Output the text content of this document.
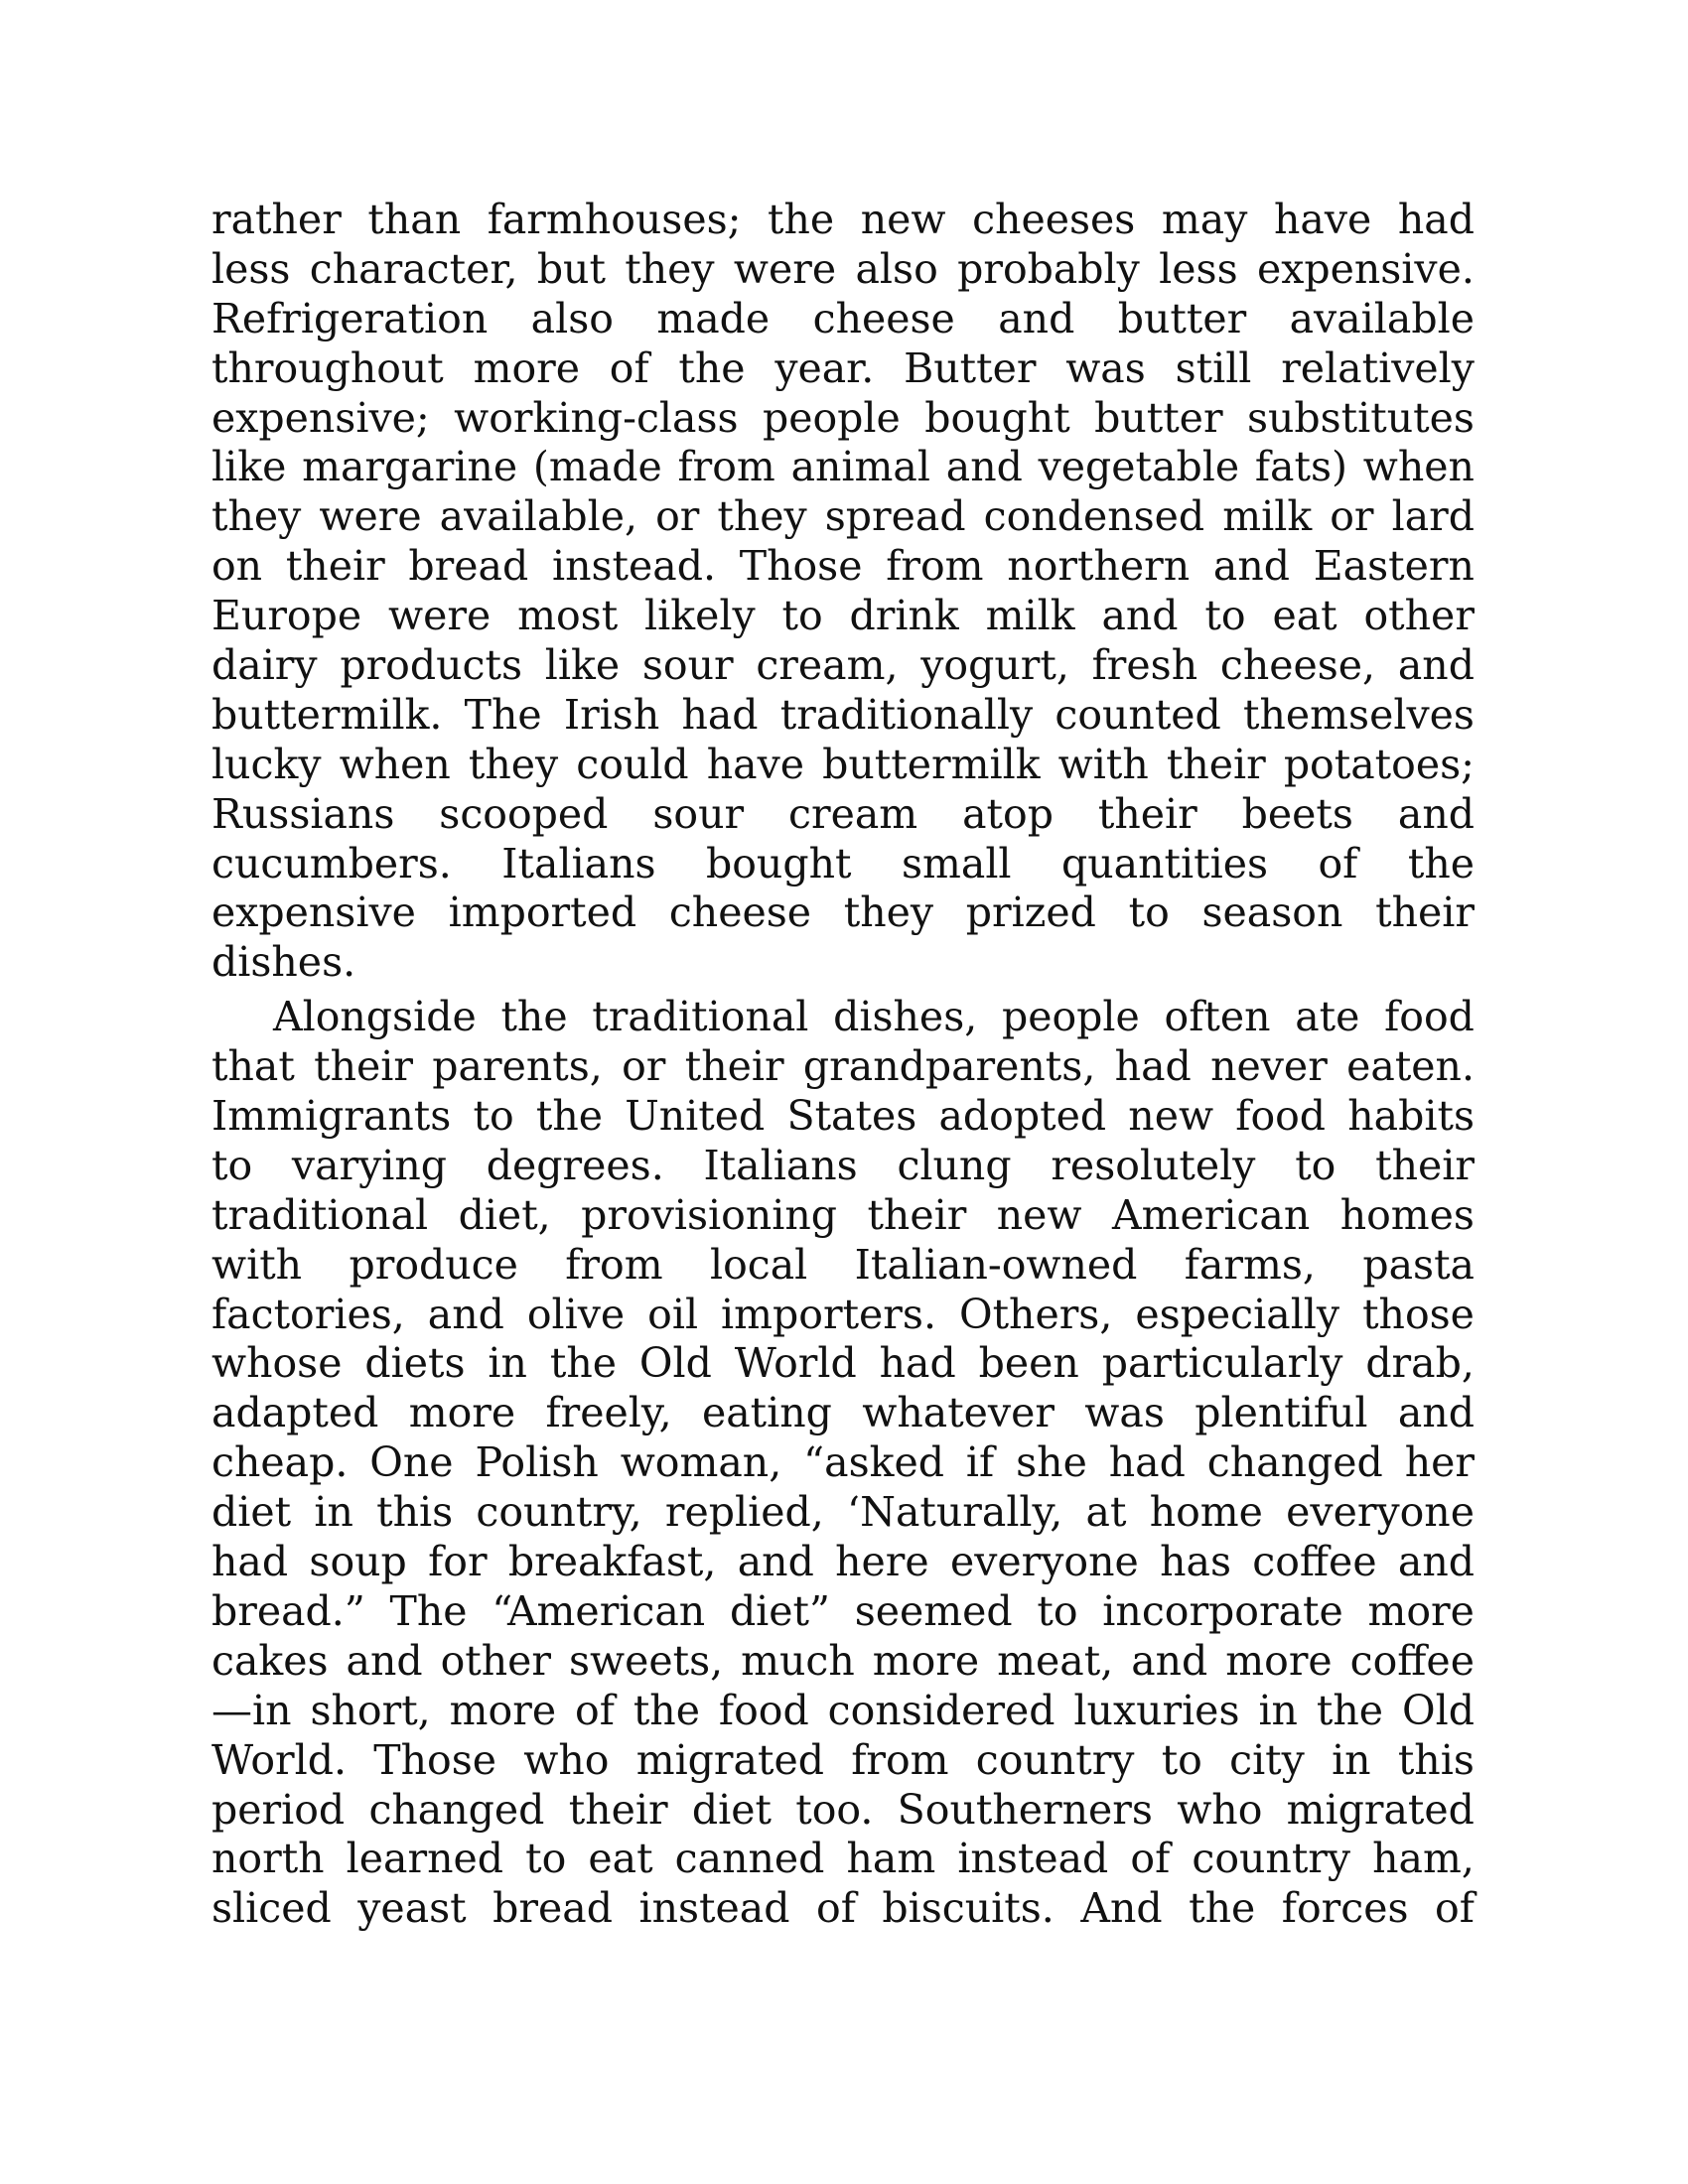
rather than farmhouses; the new cheeses may have had
less character, but they were also probably less expensive.
Refrigeration also made cheese and butter available
throughout more of the year. Butter was still relatively
expensive; working-class people bought butter substitutes
like margarine (made from animal and vegetable fats) when
they were available, or they spread condensed milk or lard
on their bread instead. Those from northern and Eastern
Europe were most likely to drink milk and to eat other
dairy products like sour cream, yogurt, fresh cheese, and
buttermilk. The Irish had traditionally counted themselves
lucky when they could have buttermilk with their potatoes;
Russians scooped sour cream atop their beets and
cucumbers. Italians bought small quantities of the
expensive imported cheese they prized to season their
dishes.
Alongside the traditional dishes, people often ate food
that their parents, or their grandparents, had never eaten.
Immigrants to the United States adopted new food habits
to varying degrees. Italians clung resolutely to their
traditional diet, provisioning their new American homes
with produce from local Italian-owned farms, pasta
factories, and olive oil importers. Others, especially those
whose diets in the Old World had been particularly drab,
adapted more freely, eating whatever was plentiful and
cheap. One Polish woman, “asked if she had changed her
diet in this country, replied, ‘Naturally, at home everyone
had soup for breakfast, and here everyone has coffee and
bread.” The “American diet” seemed to incorporate more
cakes and other sweets, much more meat, and more coffee
—in short, more of the food considered luxuries in the Old
World. Those who migrated from country to city in this
period changed their diet too. Southerners who migrated
north learned to eat canned ham instead of country ham,
sliced yeast bread instead of biscuits. And the forces of
